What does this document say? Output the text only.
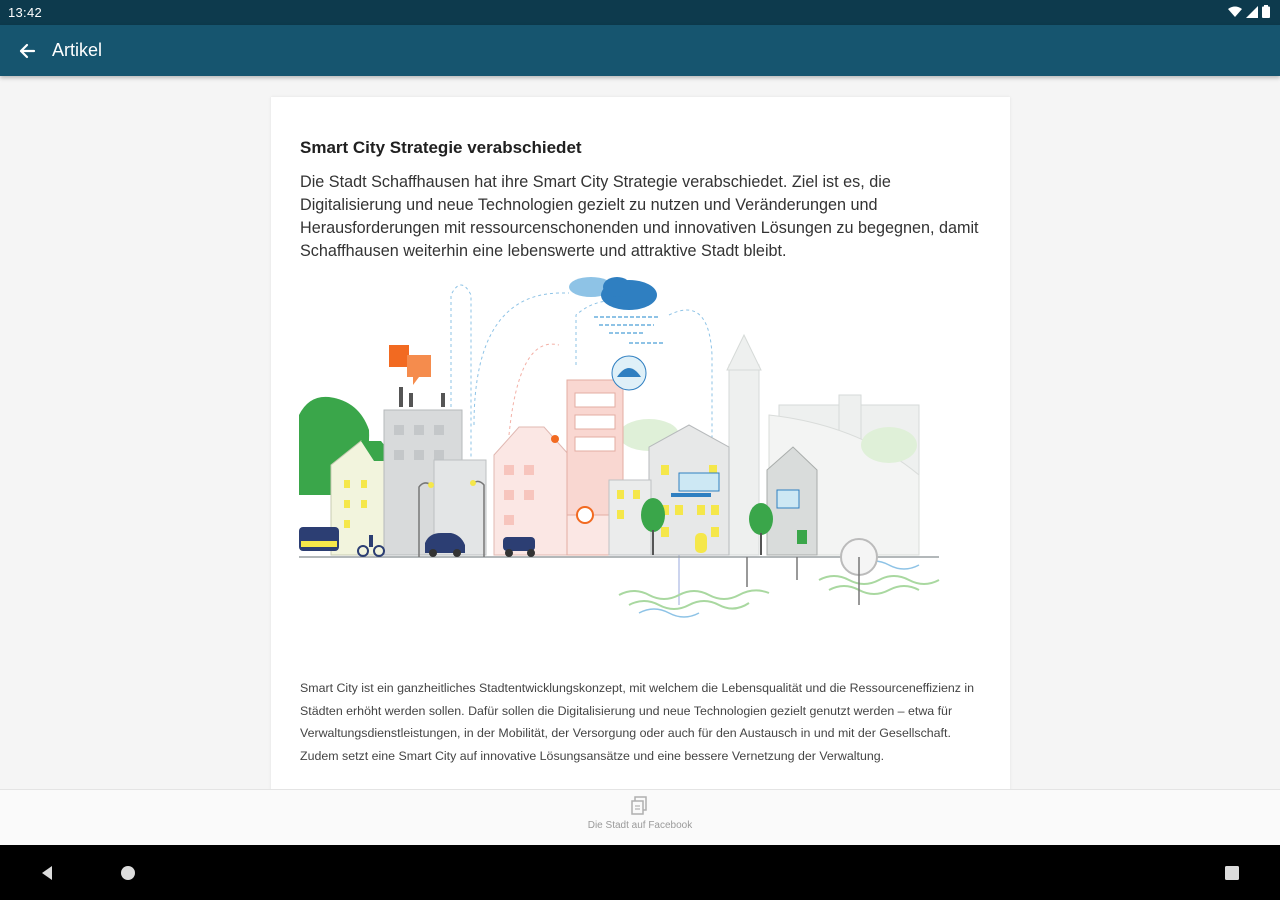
13:42
Artikel
Smart City Strategie verabschiedet
Die Stadt Schaffhausen hat ihre Smart City Strategie verabschiedet. Ziel ist es, die Digitalisierung und neue Technologien gezielt zu nutzen und Veränderungen und Herausforderungen mit ressourcenschonenden und innovativen Lösungen zu begegnen, damit Schaffhausen weiterhin eine lebenswerte und attraktive Stadt bleibt.
Smart City ist ein ganzheitliches Stadtentwicklungskonzept, mit welchem die Lebensqualität und die Ressourceneffizienz in Städten erhöht werden sollen. Dafür sollen die Digitalisierung und neue Technologien gezielt genutzt werden – etwa für Verwaltungsdienstleistungen, in der Mobilität, der Versorgung oder auch für den Austausch in und mit der Gesellschaft. Zudem setzt eine Smart City auf innovative Lösungsansätze und eine bessere Vernetzung der Verwaltung.
Die Stadt auf Facebook
